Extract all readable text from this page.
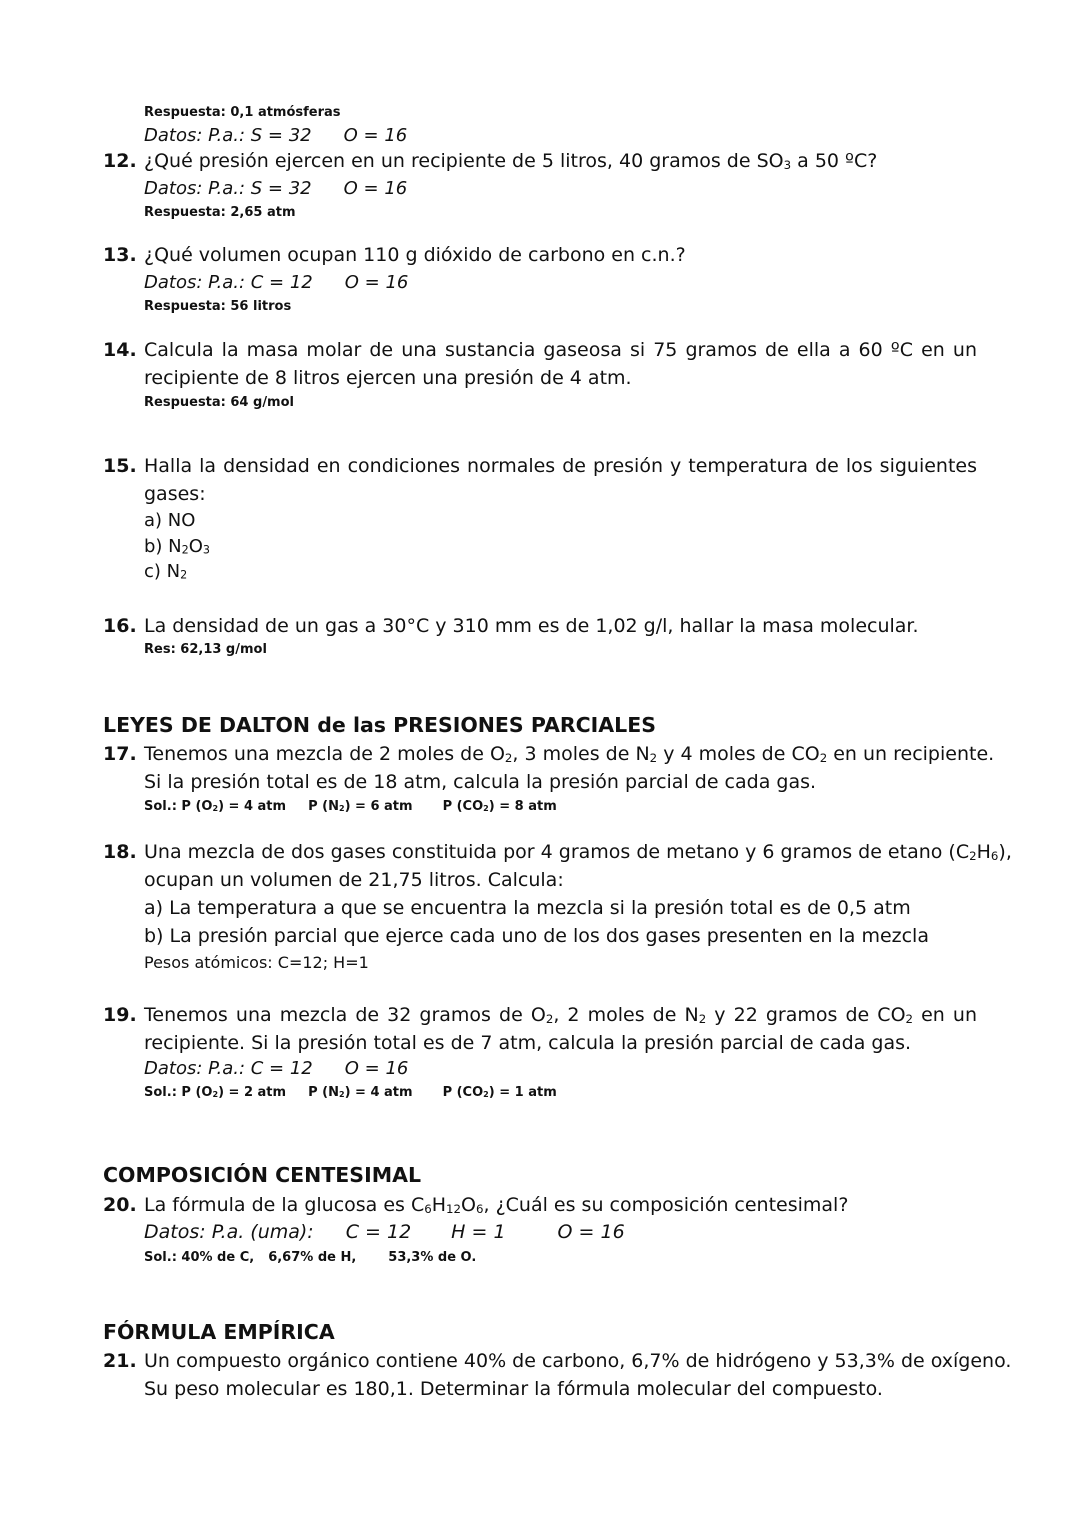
Respuesta: 0,1 atmósferas
Datos: P.a.: S = 32 O = 16
12. ¿Qué presión ejercen en un recipiente de 5 litros, 40 gramos de $SO_3$ a 50 ºC?
Datos: P.a.: S = 32 O = 16
Respuesta: 2,65 atm
13. ¿Qué volumen ocupan 110 g dióxido de carbono en c.n.?
Datos: P.a.: C = 12 O = 16
Respuesta: 56 litros
14. Calcula la masa molar de una sustancia gaseosa si 75 gramos de ella a 60 ºC en un
recipiente de 8 litros ejercen una presión de 4 atm.
Respuesta: 64 g/mol
15. Halla la densidad en condiciones normales de presión y temperatura de los siguientes
gases:
a) NO
b) $N_2O_3$
c) $N_2$
16. La densidad de un gas a 30°C y 310 mm es de 1,02 g/l, hallar la masa molecular.
Res: 62,13 g/mol
LEYES DE DALTON de las PRESIONES PARCIALES
17. Tenemos una mezcla de 2 moles de $O_2$, 3 moles de $N_2$ y 4 moles de $CO_2$ en un recipiente.
Si la presión total es de 18 atm, calcula la presión parcial de cada gas.
Sol.: P $(O_2) = 4$ atm P $(N_2) = 6$ atm P $(CO_2) = 8$ atm
18. Una mezcla de dos gases constituida por 4 gramos de metano y 6 gramos de etano $(C_2H_6)$,
ocupan un volumen de 21,75 litros. Calcula:
a) La temperatura a que se encuentra la mezcla si la presión total es de 0,5 atm
b) La presión parcial que ejerce cada uno de los dos gases presenten en la mezcla
Pesos atómicos: C=12; H=1
19. Tenemos una mezcla de 32 gramos de $O_2$, 2 moles de $N_2$ y 22 gramos de $CO_2$ en un
recipiente. Si la presión total es de 7 atm, calcula la presión parcial de cada gas.
Datos: P.a.: C = 12 O = 16
Sol.: P $(O_2) = 2$ atm P $(N_2) = 4$ atm P $(CO_2) = 1$ atm
COMPOSICIÓN CENTESIMAL
20. La fórmula de la glucosa es $C_6H_{12}O_6$, ¿Cuál es su composición centesimal?
Datos: P.a. (uma): C = 12 H = 1	O = 16
Sol.: 40% de C, 6,67% de H, 53,3% de O.
FÓRMULA EMPÍRICA
21. Un compuesto orgánico contiene 40% de carbono, 6,7% de hidrógeno y 53,3% de oxígeno.
Su peso molecular es 180,1. Determinar la fórmula molecular del compuesto.
